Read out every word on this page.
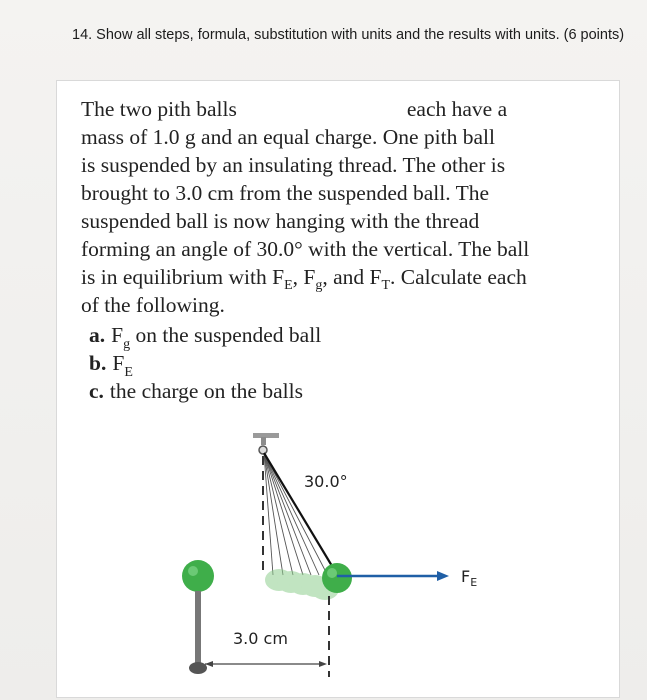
14. Show all steps, formula, substitution with units and the results with units. (6 points)
The two pith balls	each have a
mass of 1.0 g and an equal charge. One pith ball
is suspended by an insulating thread. The other is
brought to 3.0 cm from the suspended ball. The
suspended ball is now hanging with the thread
forming an angle of 30.0° with the vertical. The ball
is in equilibrium with $F_E$, $F_g$, and $F_T$. Calculate each
of the following.
a. $F_g$ on the suspended ball
b. $F_E$
c. the charge on the balls
30.0°
$F_E$
3.0 cm
